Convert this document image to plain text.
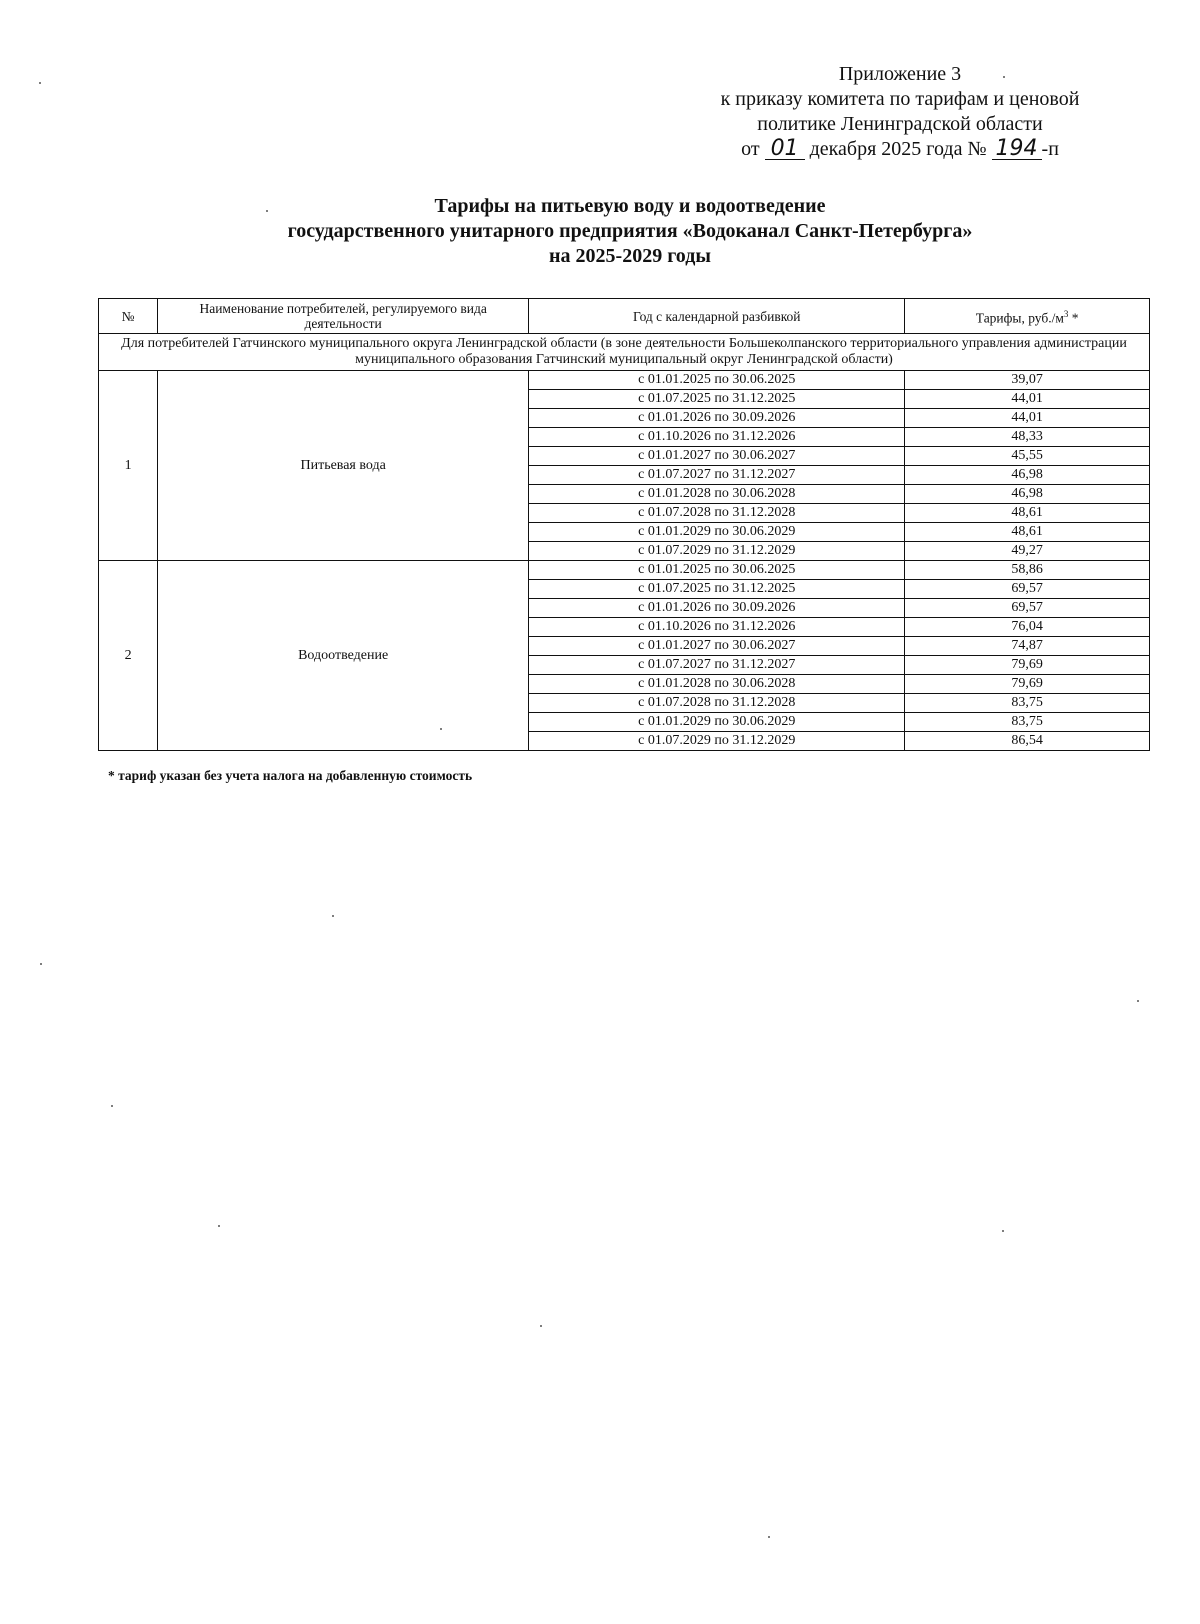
Приложение 3
к приказу комитета по тарифам и ценовой
политике Ленинградской области
от 01 декабря 2025 года № 194 -п
Тарифы на питьевую воду и водоотведение
государственного унитарного предприятия «Водоканал Санкт-Петербурга»
на 2025-2029 годы
№	Наименование потребителей, регулируемого вида деятельности	Год с календарной разбивкой	Тарифы, $руб./м^3$ *
Для потребителей Гатчинского муниципального округа Ленинградской области (в зоне деятельности Большеколпанского территориального управления администрации муниципального образования Гатчинский муниципальный округ Ленинградской области)			
1	Питьевая вода	с 01.01.2025 по 30.06.2025	39,07
		с 01.07.2025 по 31.12.2025	44,01
		с 01.01.2026 по 30.09.2026	44,01
		с 01.10.2026 по 31.12.2026	48,33
		с 01.01.2027 по 30.06.2027	45,55
		с 01.07.2027 по 31.12.2027	46,98
		с 01.01.2028 по 30.06.2028	46,98
		с 01.07.2028 по 31.12.2028	48,61
		с 01.01.2029 по 30.06.2029	48,61
		с 01.07.2029 по 31.12.2029	49,27
2	Водоотведение	с 01.01.2025 по 30.06.2025	58,86
		с 01.07.2025 по 31.12.2025	69,57
		с 01.01.2026 по 30.09.2026	69,57
		с 01.10.2026 по 31.12.2026	76,04
		с 01.01.2027 по 30.06.2027	74,87
		с 01.07.2027 по 31.12.2027	79,69
		с 01.01.2028 по 30.06.2028	79,69
		с 01.07.2028 по 31.12.2028	83,75
		с 01.01.2029 по 30.06.2029	83,75
		с 01.07.2029 по 31.12.2029	86,54
* тариф указан без учета налога на добавленную стоимость
